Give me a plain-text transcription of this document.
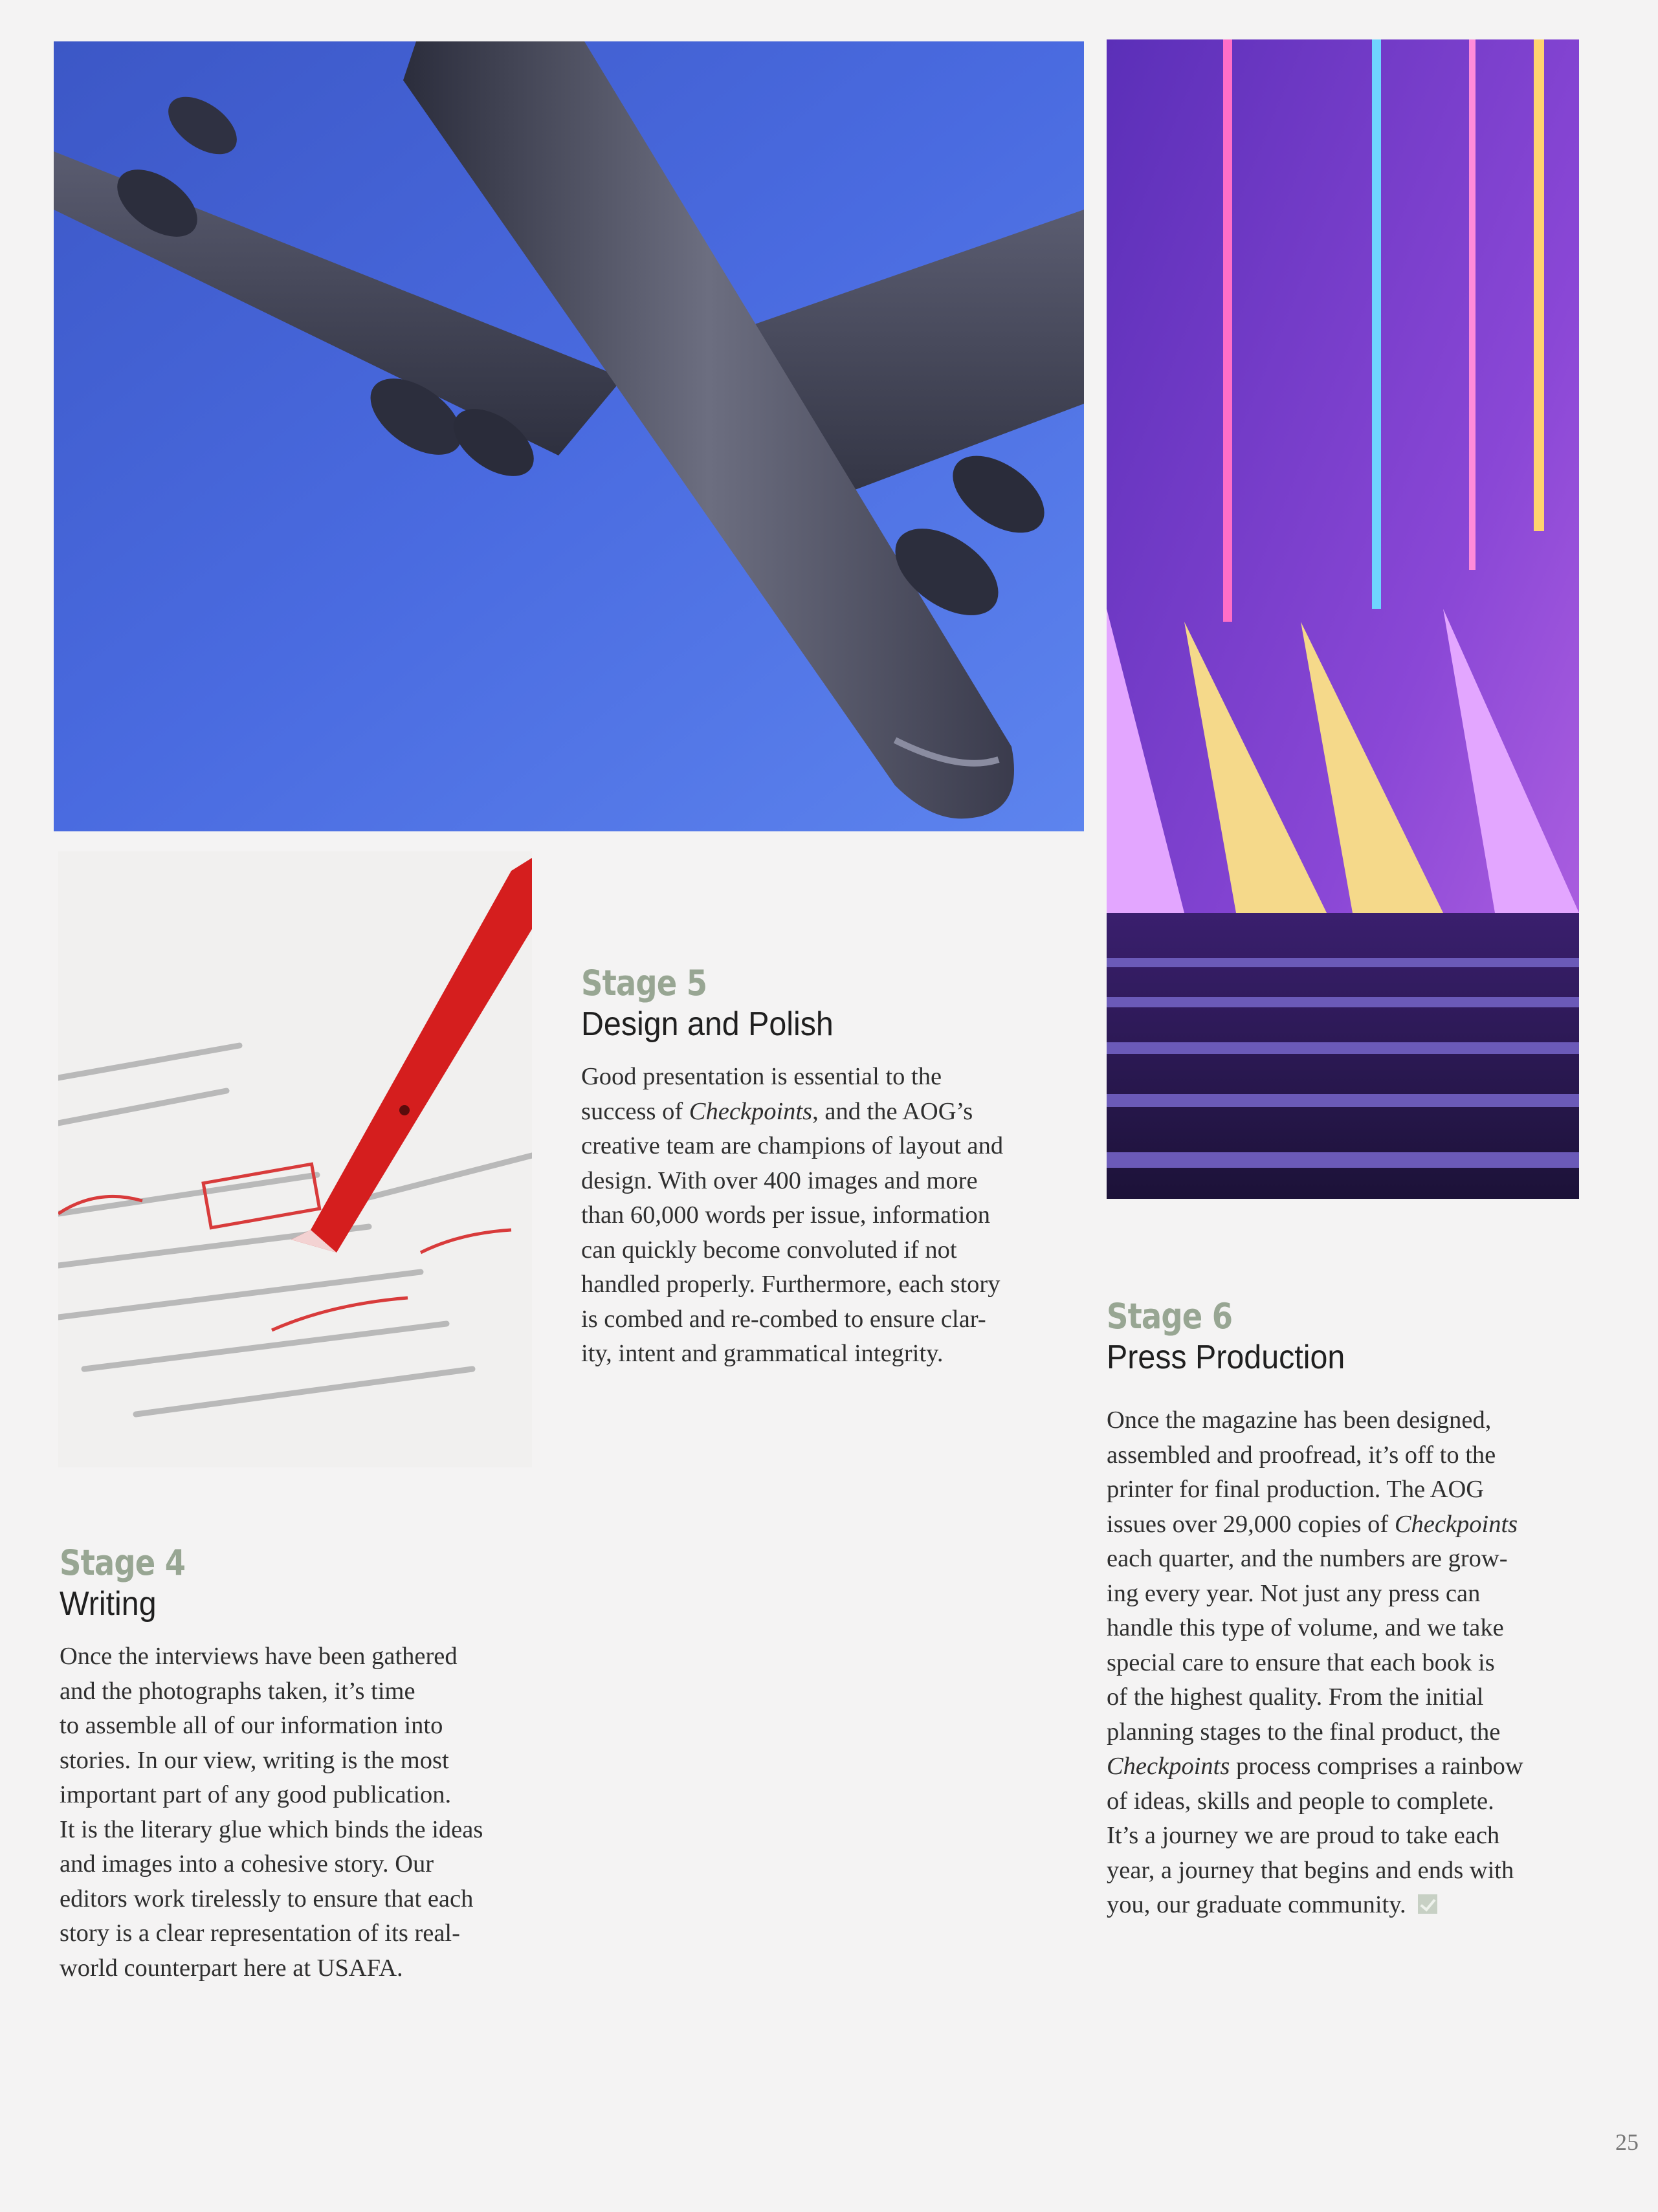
Stage 5
Design and Polish
Good presentation is essential to the
success of Checkpoints, and the AOG’s
creative team are champions of layout and
design. With over 400 images and more
than 60,000 words per issue, information
can quickly become convoluted if not
handled properly. Furthermore, each story
is combed and re-combed to ensure clar-
ity, intent and grammatical integrity.
Stage 6
Press Production
Once the magazine has been designed,
assembled and proofread, it’s off to the
printer for final production. The AOG
issues over 29,000 copies of Checkpoints
each quarter, and the numbers are grow-
ing every year. Not just any press can
handle this type of volume, and we take
special care to ensure that each book is
of the highest quality. From the initial
planning stages to the final product, the
Checkpoints process comprises a rainbow
of ideas, skills and people to complete.
It’s a journey we are proud to take each
year, a journey that begins and ends with
you, our graduate community.
Stage 4
Writing
Once the interviews have been gathered
and the photographs taken, it’s time
to assemble all of our information into
stories. In our view, writing is the most
important part of any good publication.
It is the literary glue which binds the ideas
and images into a cohesive story. Our
editors work tirelessly to ensure that each
story is a clear representation of its real-
world counterpart here at USAFA.
25
